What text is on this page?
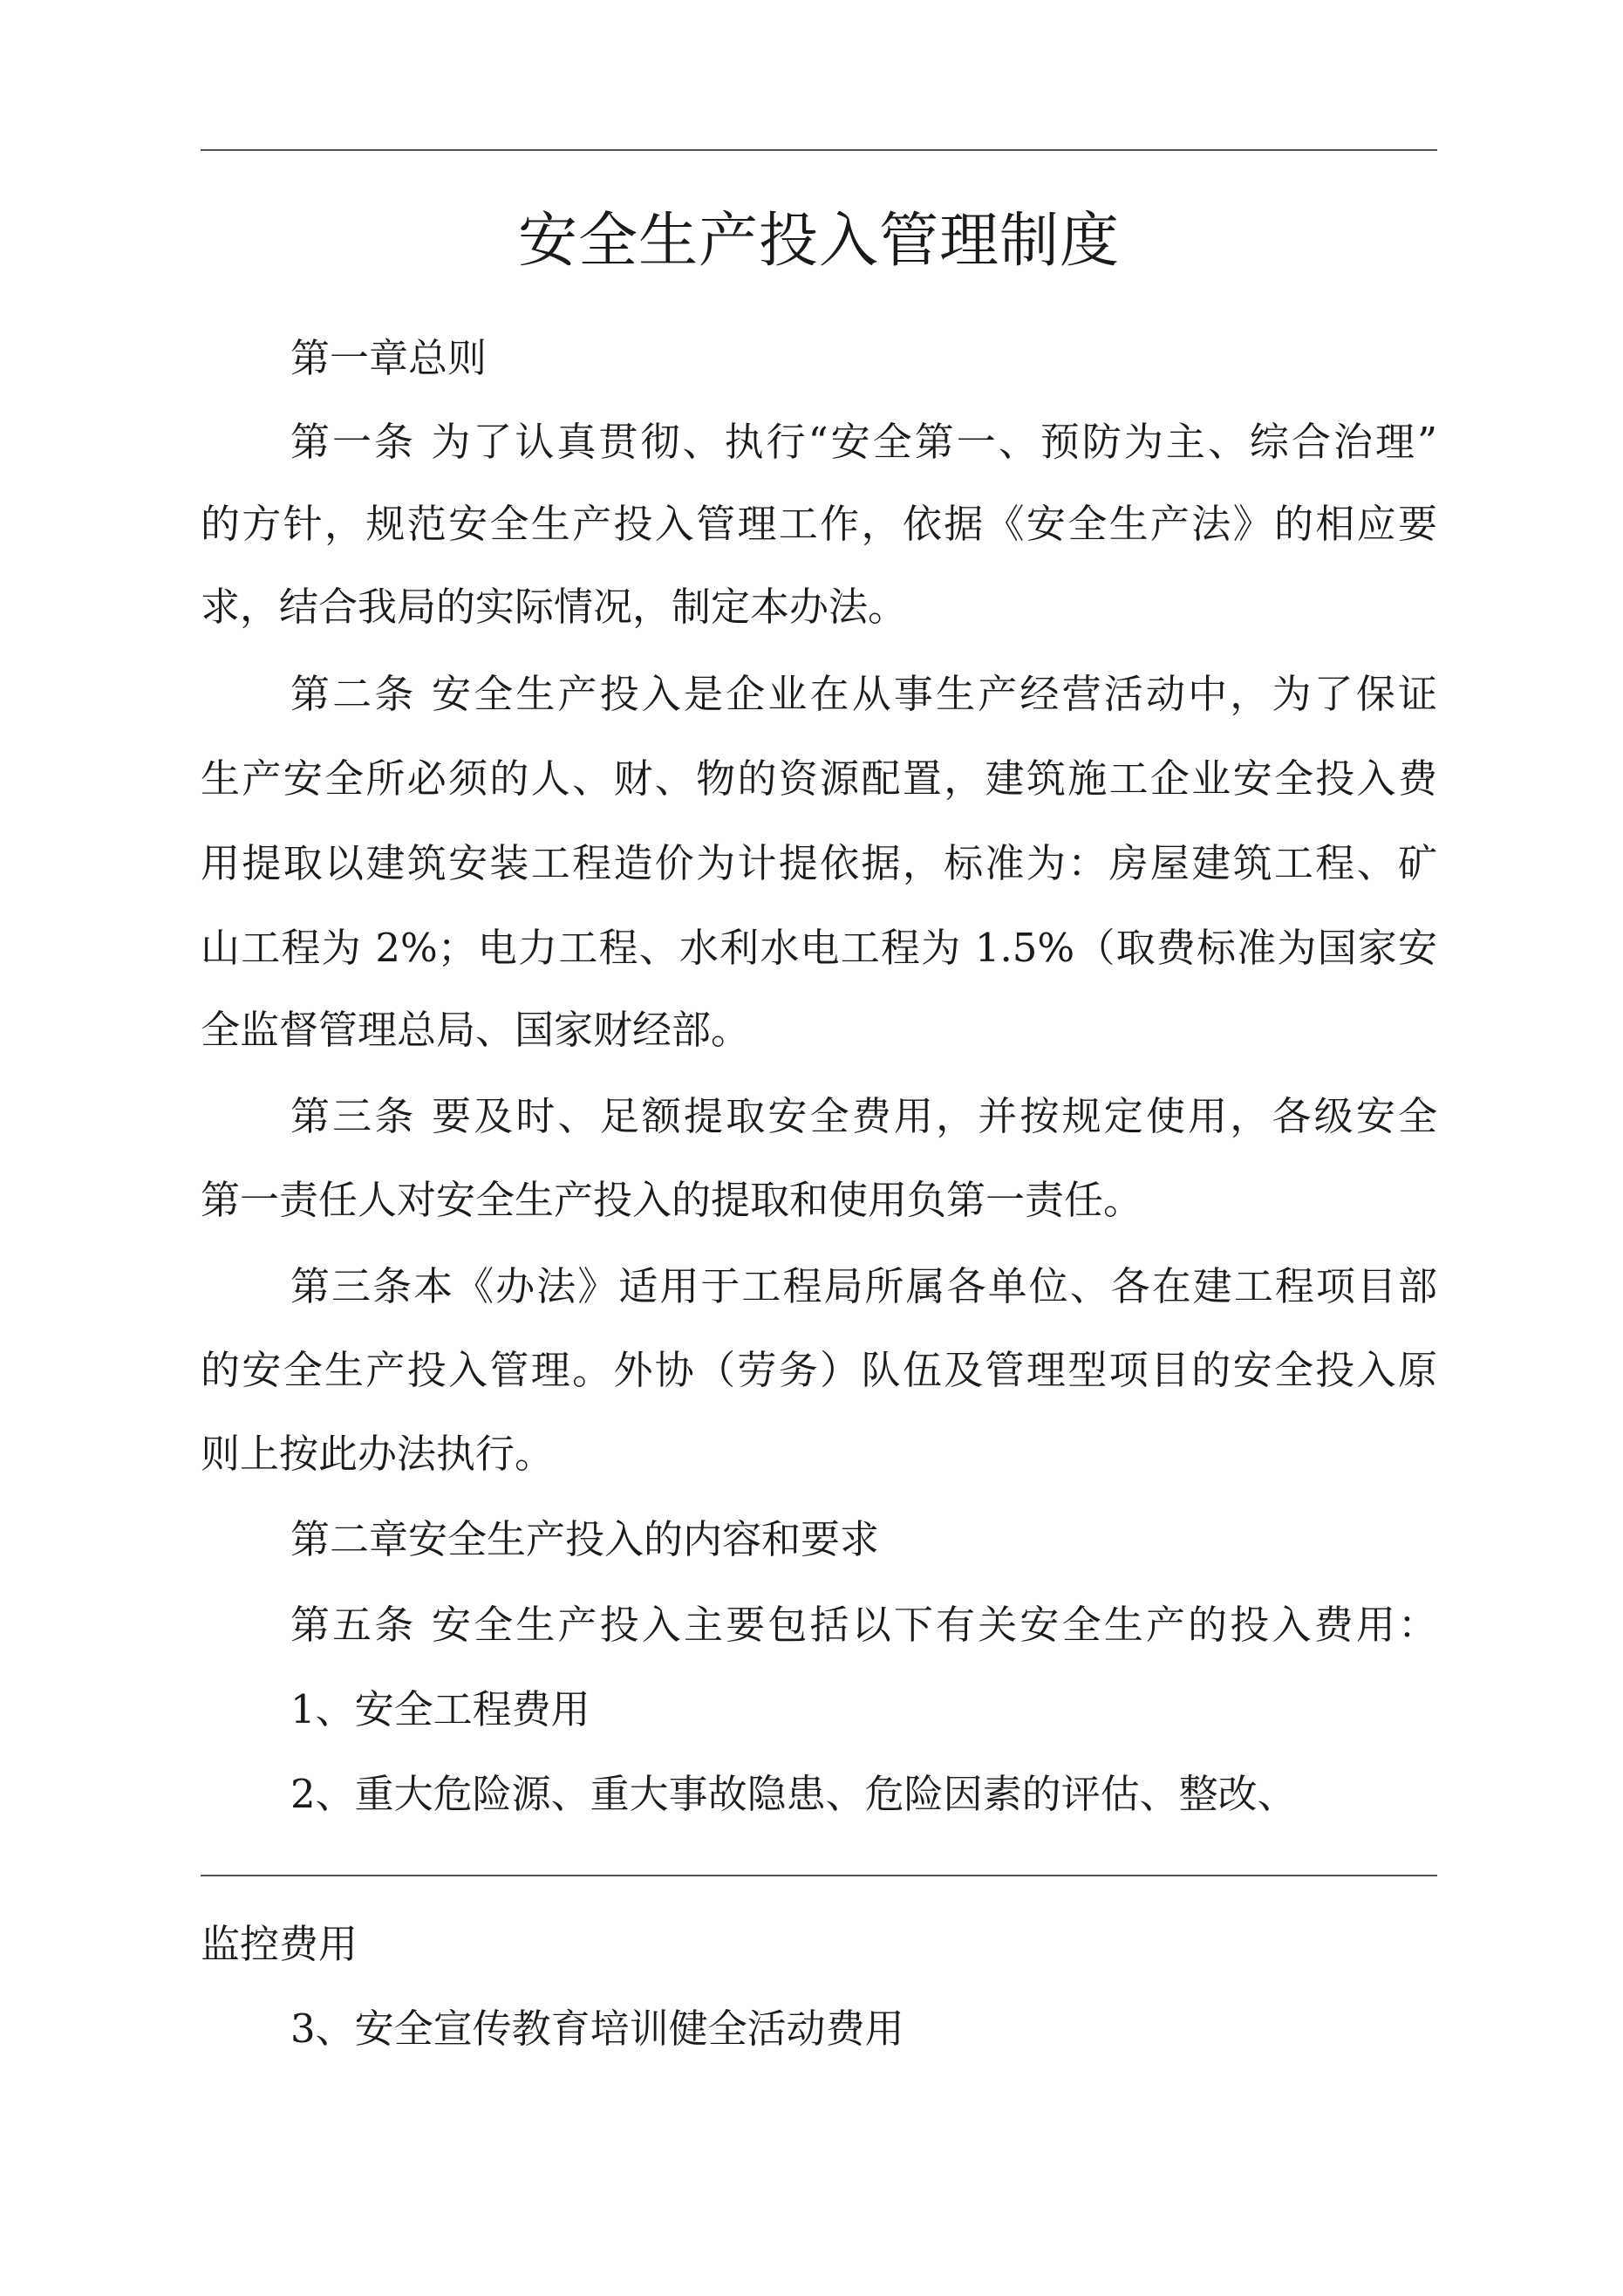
安全生产投入管理制度
第一章总则
第一条 为了认真贯彻、执行“安全第一、预防为主、综合治理”
的方针，规范安全生产投入管理工作，依据《安全生产法》的相应要
求，结合我局的实际情况，制定本办法。
第二条 安全生产投入是企业在从事生产经营活动中，为了保证
生产安全所必须的人、财、物的资源配置，建筑施工企业安全投入费
用提取以建筑安装工程造价为计提依据，标准为：房屋建筑工程、矿
山工程为 2%；电力工程、水利水电工程为 1.5%（取费标准为国家安
全监督管理总局、国家财经部。
第三条 要及时、足额提取安全费用，并按规定使用，各级安全
第一责任人对安全生产投入的提取和使用负第一责任。
第三条本《办法》适用于工程局所属各单位、各在建工程项目部
的安全生产投入管理。外协（劳务）队伍及管理型项目的安全投入原
则上按此办法执行。
第二章安全生产投入的内容和要求
第五条 安全生产投入主要包括以下有关安全生产的投入费用：
1、安全工程费用
2、重大危险源、重大事故隐患、危险因素的评估、整改、
监控费用
3、安全宣传教育培训健全活动费用
